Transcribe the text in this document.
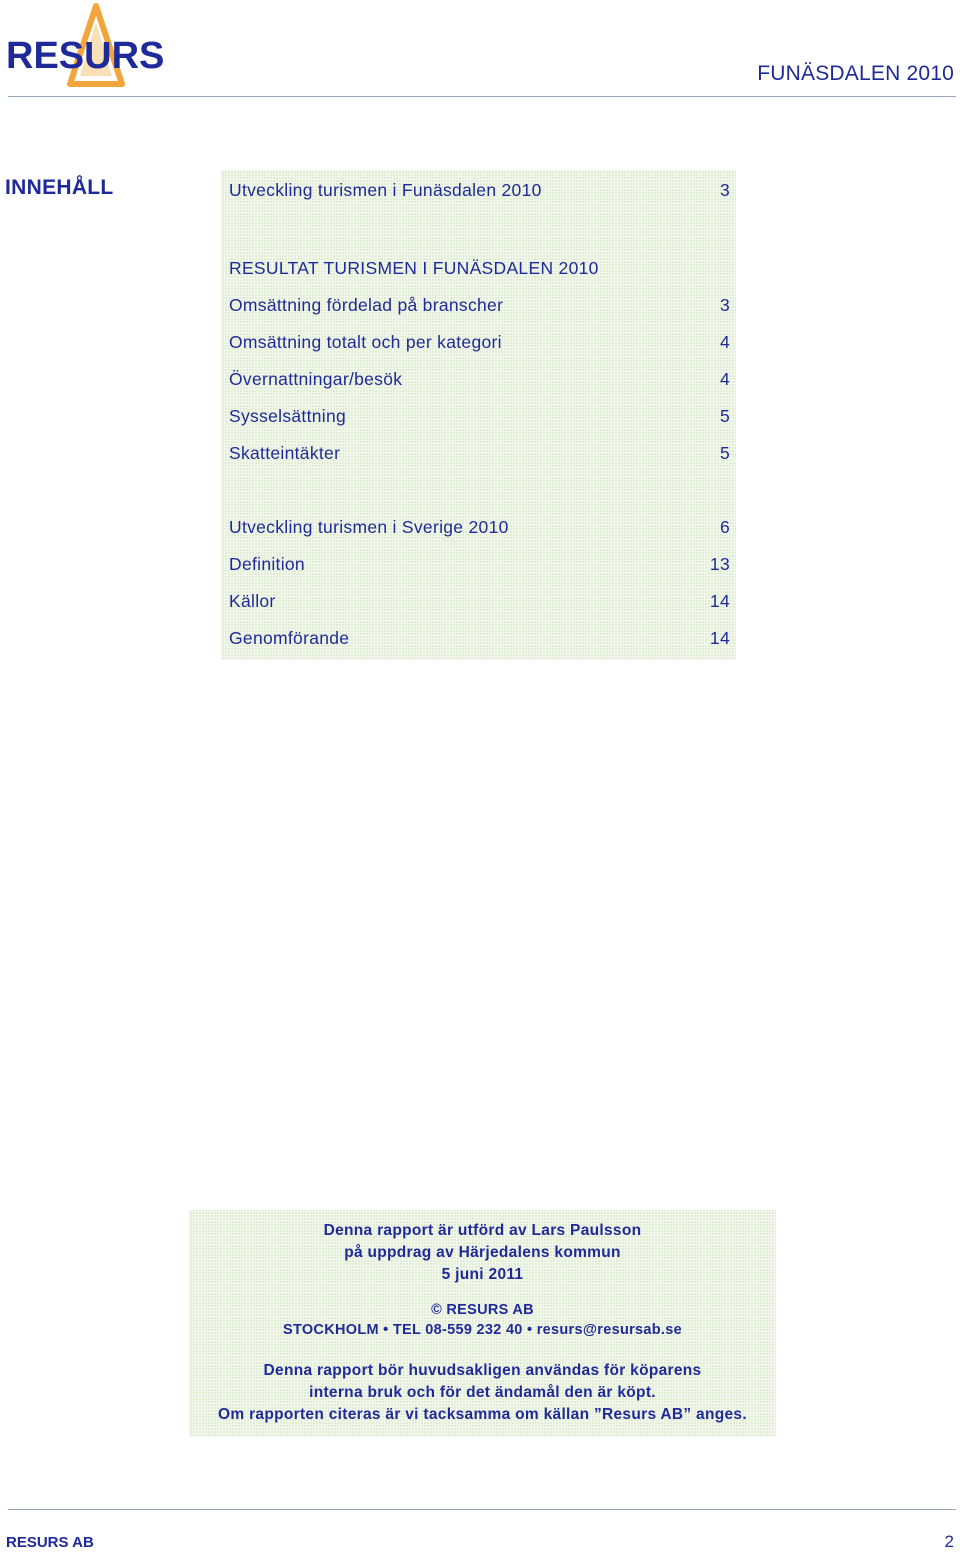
RESURS	FUNÄSDALEN 2010
INNEHÅLL	Utveckling turismen i Funäsdalen 2010	3
RESULTAT TURISMEN I FUNÄSDALEN 2010
Omsättning fördelad på branscher	3
Omsättning totalt och per kategori	4
Övernattningar/besök	4
Sysselsättning	5
Skatteintäkter	5
Utveckling turismen i Sverige 2010	6
Definition	13
Källor	14
Genomförande	14
Denna rapport är utförd av Lars Paulsson
på uppdrag av Härjedalens kommun
5 juni 2011
© RESURS AB
STOCKHOLM • TEL 08-559 232 40 • resurs@resursab.se
Denna rapport bör huvudsakligen användas för köparens
interna bruk och för det ändamål den är köpt.
Om rapporten citeras är vi tacksamma om källan ”Resurs AB” anges.
RESURS AB	2
